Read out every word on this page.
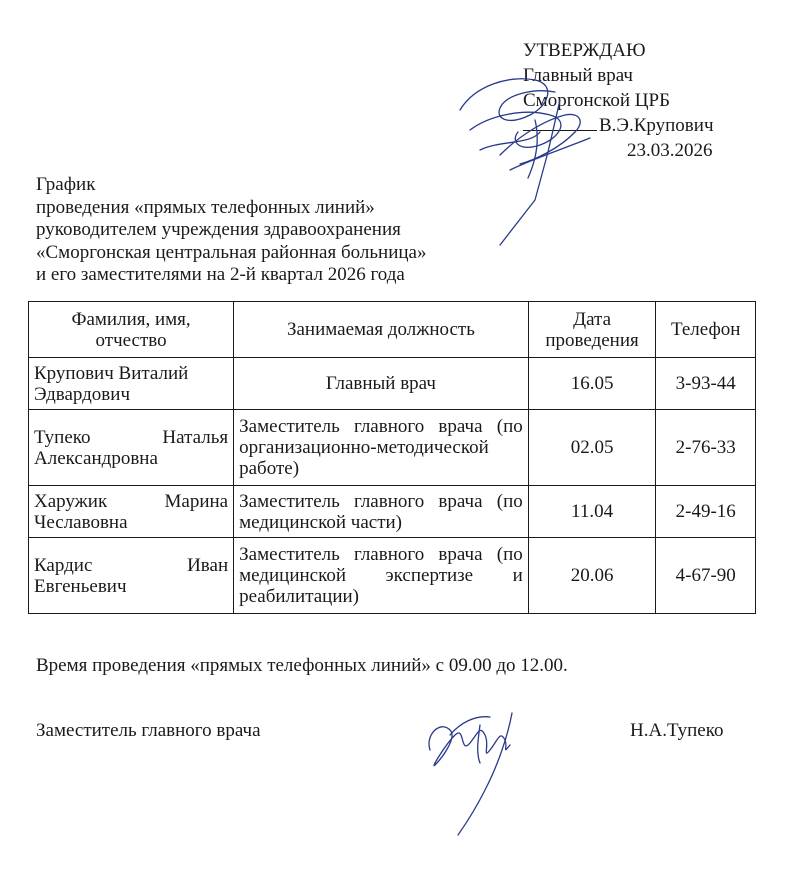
УТВЕРЖДАЮ
Главный врач
Сморгонской ЦРБ
В.Э.Крупович
23.03.2026
График
проведения «прямых телефонных линий»
руководителем учреждения здравоохранения
«Сморгонская центральная районная больница»
и его заместителями на 2-й квартал 2026 года
Фамилия, имя, отчество	Занимаемая должность	Дата проведения	Телефон
Крупович Виталий Эдвардович	Главный врач	16.05	3-93-44
Тупеко Наталья Александровна	Заместитель главного врача (по организационно-методической работе)	02.05	2-76-33
Харужик Марина Чеславовна	Заместитель главного врача (по медицинской части)	11.04	2-49-16
Кардис Иван Евгеньевич	Заместитель главного врача (по медицинской экспертизе и реабилитации)	20.06	4-67-90
Время проведения «прямых телефонных линий» с 09.00 до 12.00.
Заместитель главного врача	Н.А.Тупеко
